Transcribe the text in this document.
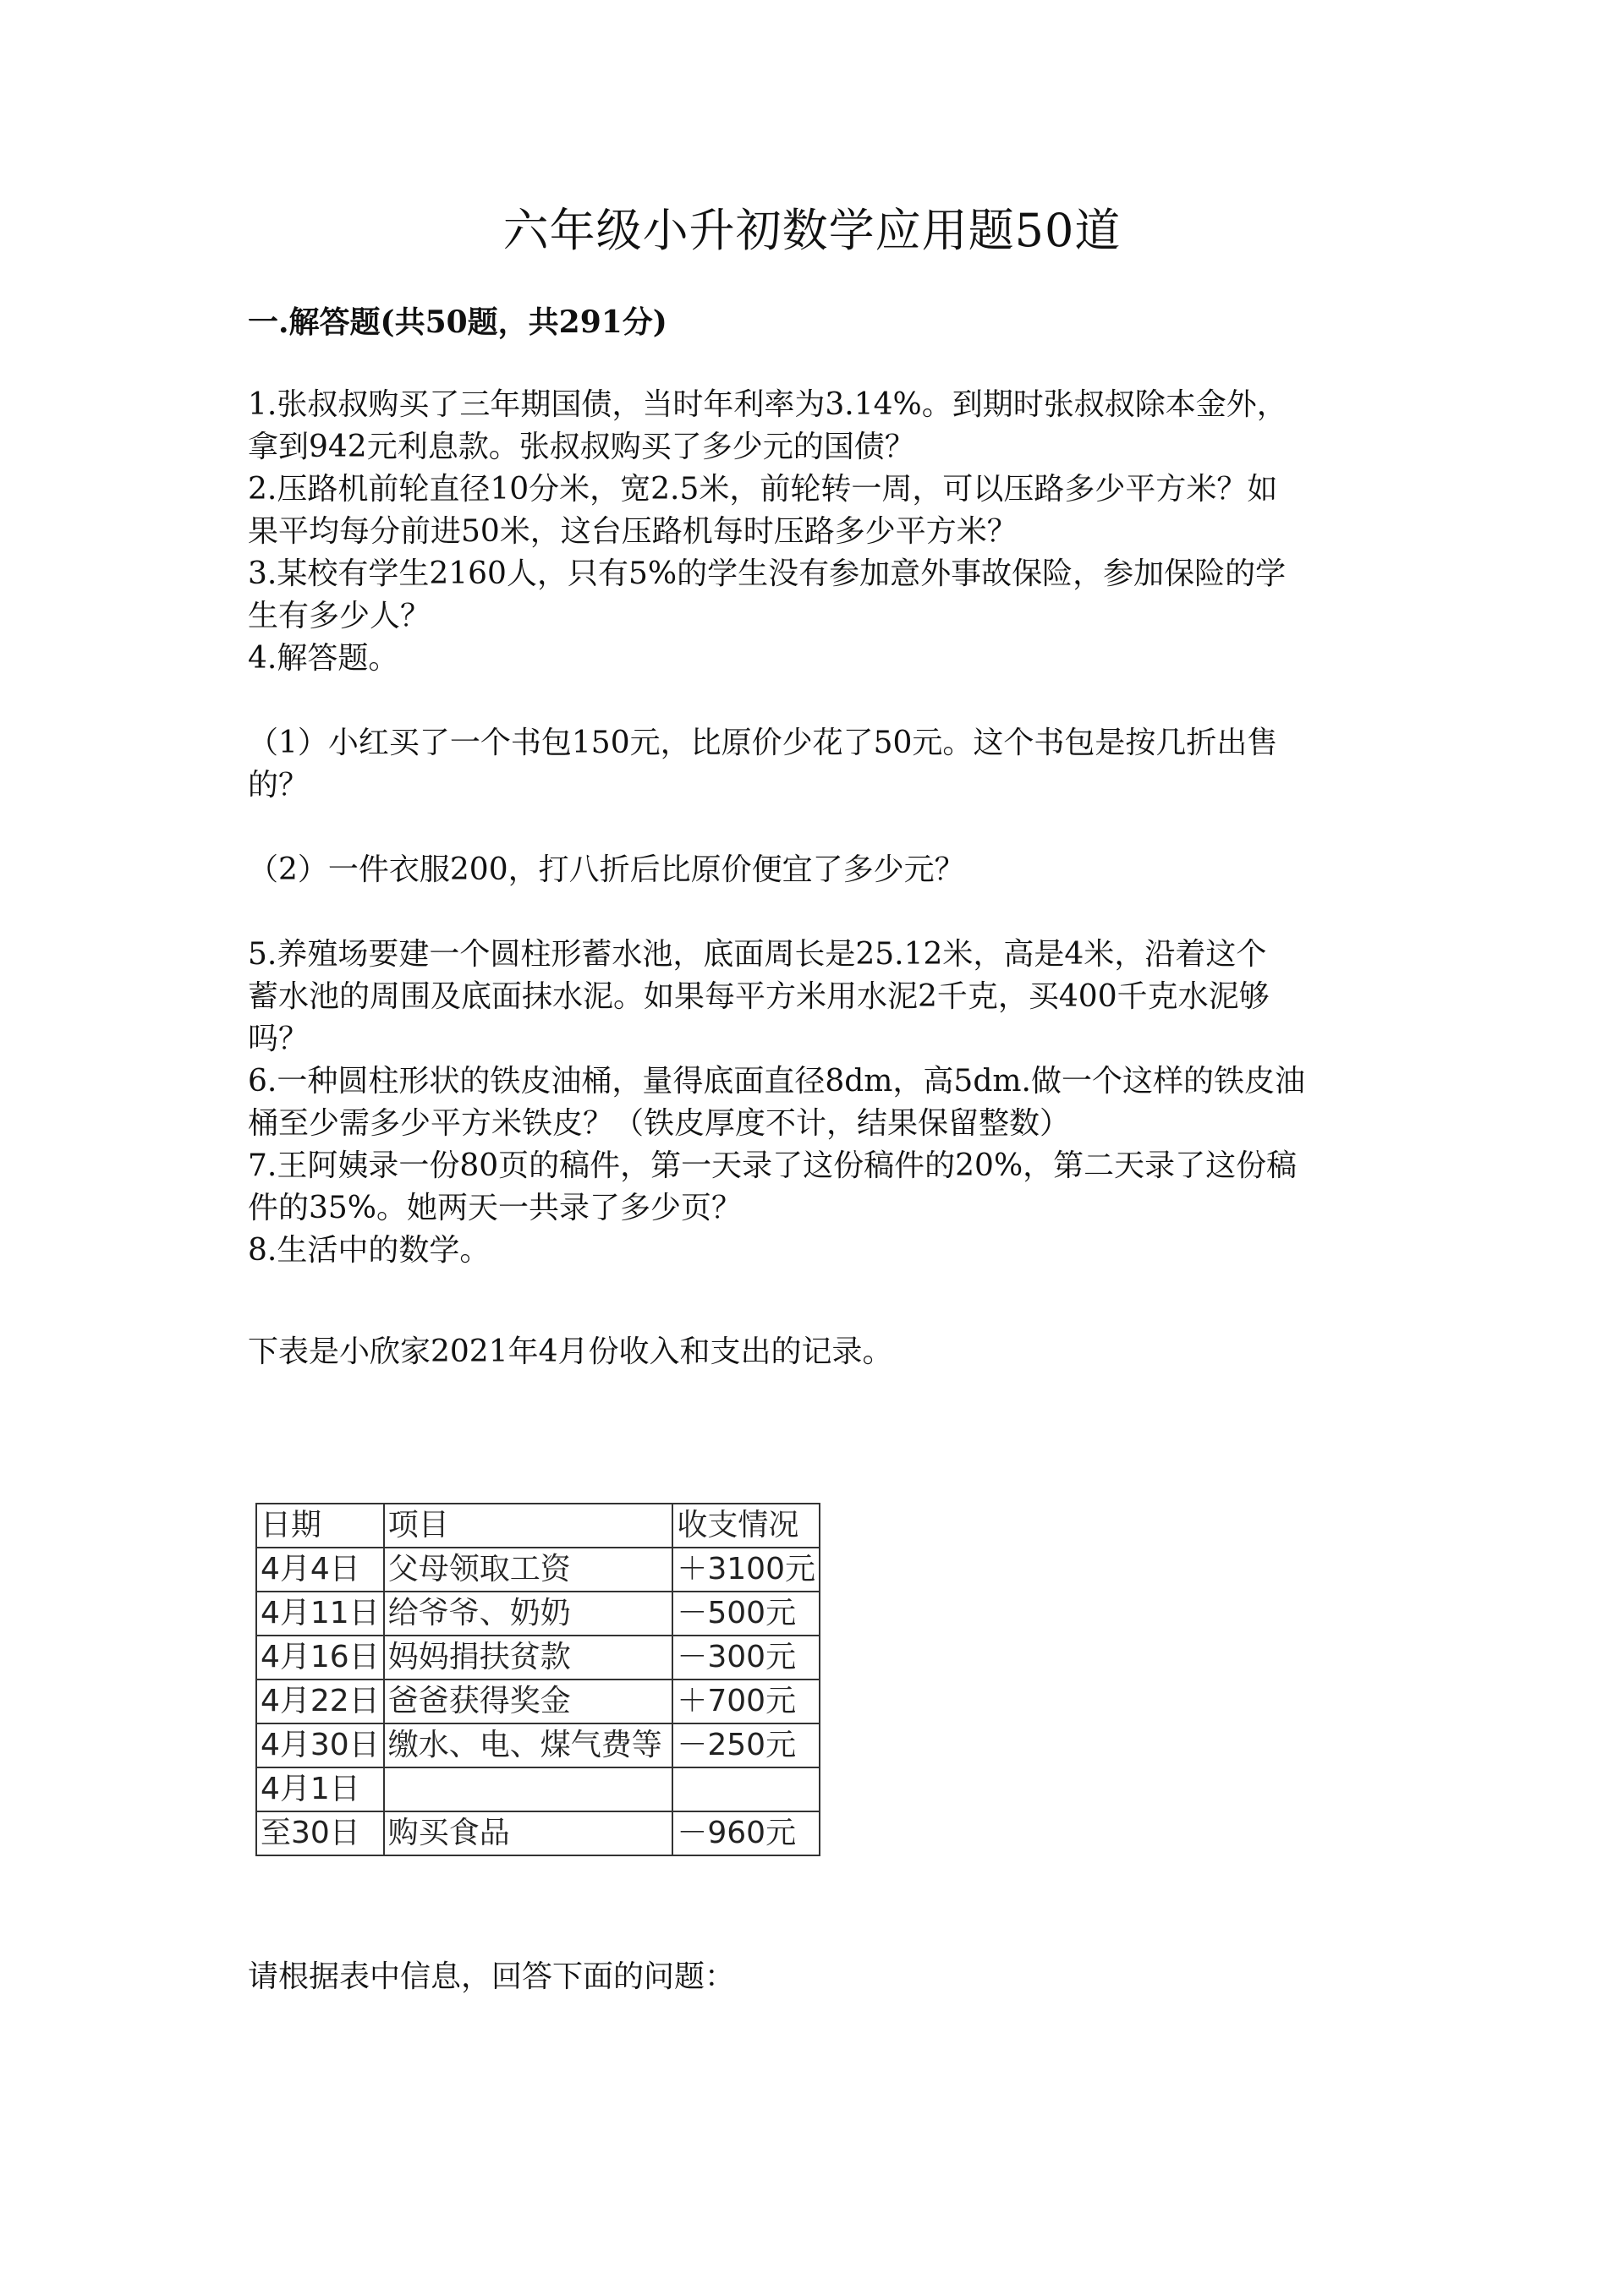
六年级小升初数学应用题50道
一.解答题(共50题，共291分)

1.张叔叔购买了三年期国债，当时年利率为3.14%。到期时张叔叔除本金外，

拿到942元利息款。张叔叔购买了多少元的国债？

2.压路机前轮直径10分米，宽2.5米，前轮转一周，可以压路多少平方米？如

果平均每分前进50米，这台压路机每时压路多少平方米？

3.某校有学生2160人，只有5%的学生没有参加意外事故保险，参加保险的学

生有多少人？

4.解答题。

（1）小红买了一个书包150元，比原价少花了50元。这个书包是按几折出售

的？

（2）一件衣服200，打八折后比原价便宜了多少元？

5.养殖场要建一个圆柱形蓄水池，底面周长是25.12米，高是4米，沿着这个

蓄水池的周围及底面抹水泥。如果每平方米用水泥2千克，买400千克水泥够

吗？

6.一种圆柱形状的铁皮油桶，量得底面直径8dm，高5dm.做一个这样的铁皮油

桶至少需多少平方米铁皮？（铁皮厚度不计，结果保留整数）

7.王阿姨录一份80页的稿件，第一天录了这份稿件的20%，第二天录了这份稿

件的35%。她两天一共录了多少页？

8.生活中的数学。

下表是小欣家2021年4月份收入和支出的记录。

日期	项目	收支情况
4月4日	父母领取工资	＋3100元
4月11日	给爷爷、奶奶	－500元
4月16日	妈妈捐扶贫款	－300元
4月22日	爸爸获得奖金	＋700元
4月30日	缴水、电、煤气费等	－250元
4月1日		
至30日	购买食品	－960元

请根据表中信息，回答下面的问题：
